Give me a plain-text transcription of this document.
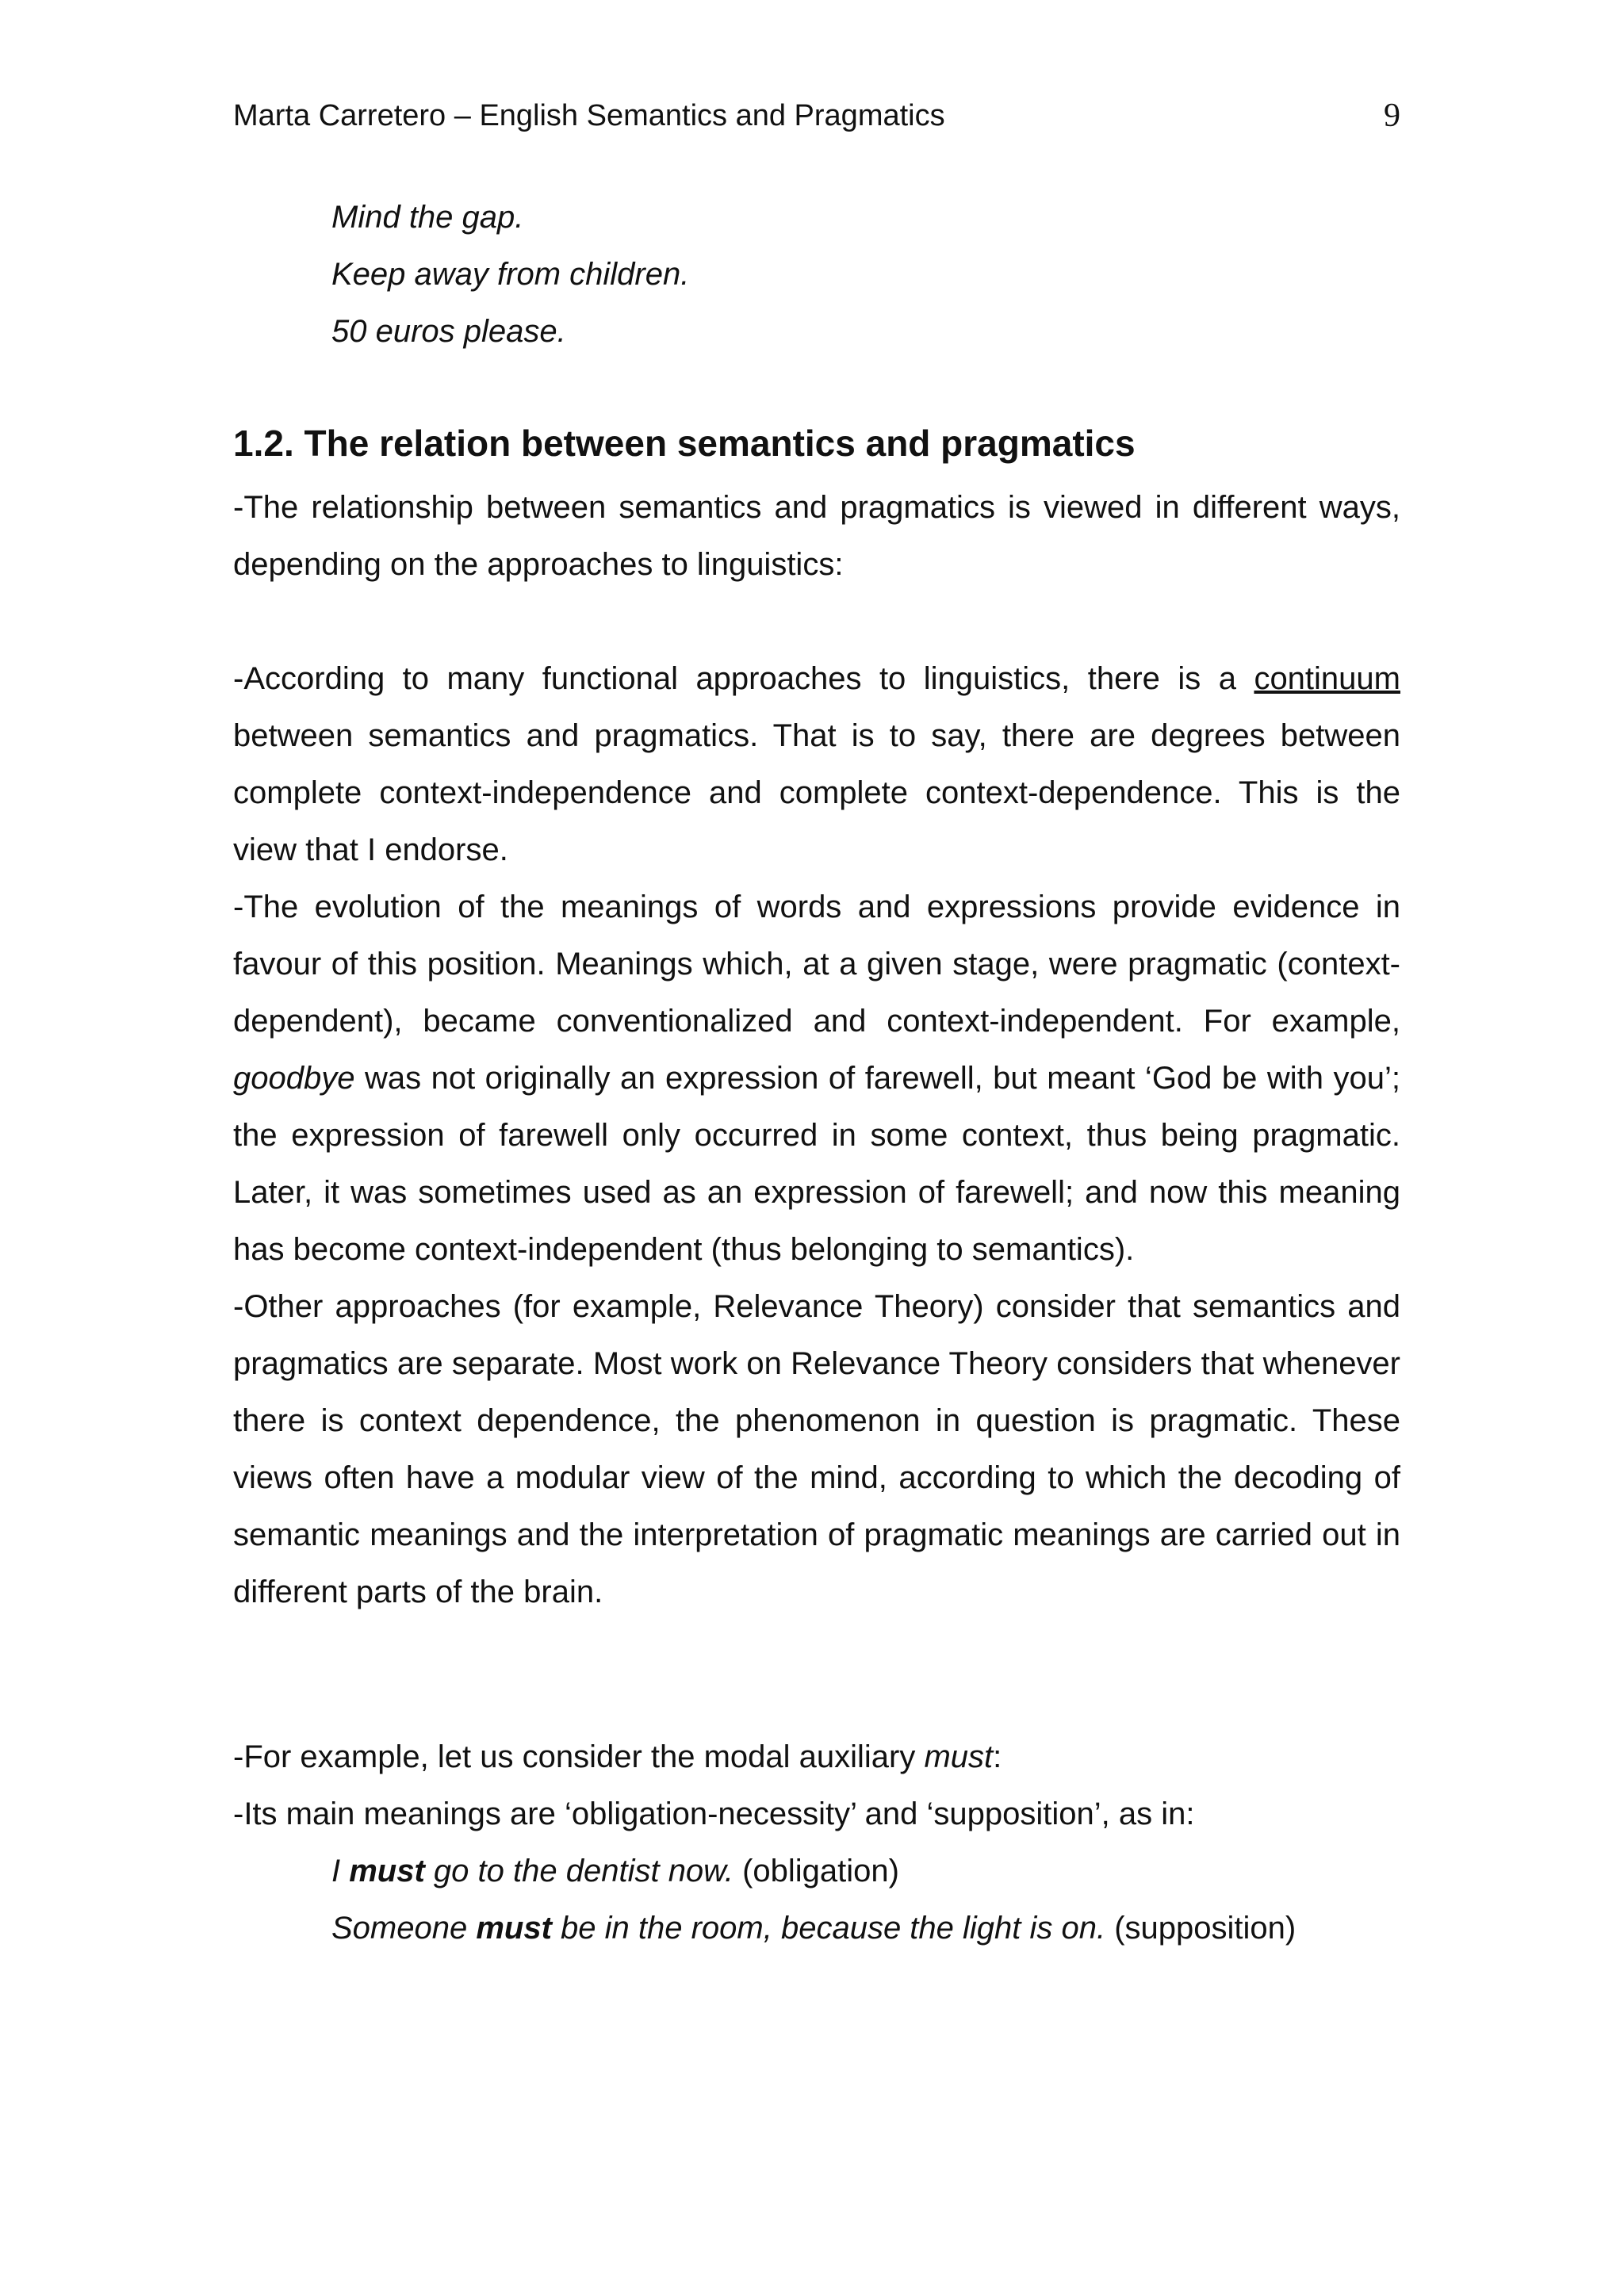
Marta Carretero – English Semantics and Pragmatics	9
Mind the gap.
Keep away from children.
50 euros please.
1.2. The relation between semantics and pragmatics

-The relationship between semantics and pragmatics is viewed in different ways, depending on the approaches to linguistics:

-According to many functional approaches to linguistics, there is a continuum between semantics and pragmatics. That is to say, there are degrees between complete context-independence and complete context-dependence. This is the view that I endorse.

-The evolution of the meanings of words and expressions provide evidence in favour of this position. Meanings which, at a given stage, were pragmatic (context-dependent), became conventionalized and context-independent. For example, goodbye was not originally an expression of farewell, but meant ‘God be with you’; the expression of farewell only occurred in some context, thus being pragmatic. Later, it was sometimes used as an expression of farewell; and now this meaning has become context-independent (thus belonging to semantics).

-Other approaches (for example, Relevance Theory) consider that semantics and pragmatics are separate. Most work on Relevance Theory considers that whenever there is context dependence, the phenomenon in question is pragmatic. These views often have a modular view of the mind, according to which the decoding of semantic meanings and the interpretation of pragmatic meanings are carried out in different parts of the brain.

-For example, let us consider the modal auxiliary must:

-Its main meanings are ‘obligation-necessity’ and ‘supposition’, as in:

I must go to the dentist now. (obligation)
Someone must be in the room, because the light is on. (supposition)
